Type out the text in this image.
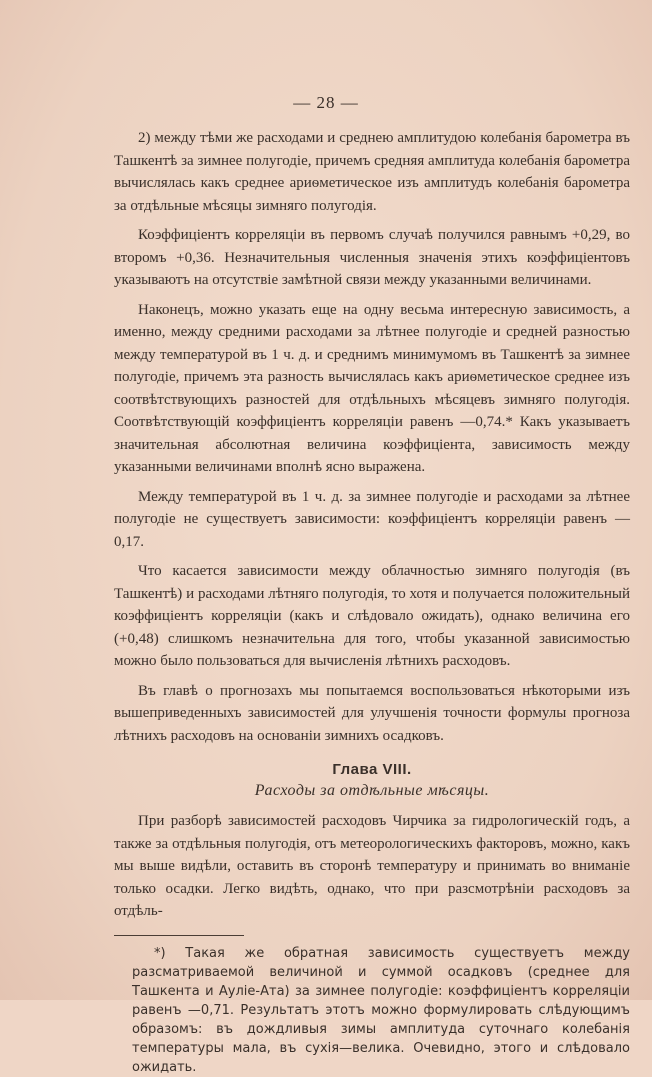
— 28 —

2) между тѣми же расходами и среднею амплитудою колебанія барометра въ Ташкентѣ за зимнее полугодіе, причемъ средняя амплитуда колебанія барометра вычислялась какъ среднее ариѳметическое изъ амплитудъ колебанія барометра за отдѣльные мѣсяцы зимняго полугодія.

Коэффиціентъ корреляціи въ первомъ случаѣ получился равнымъ +0,29, во второмъ +0,36. Незначительныя численныя значенія этихъ коэффиціентовъ указываютъ на отсутствіе замѣтной связи между указанными величинами.

Наконецъ, можно указать еще на одну весьма интересную зависимость, а именно, между средними расходами за лѣтнее полугодіе и средней разностью между температурой въ 1 ч. д. и среднимъ минимумомъ въ Ташкентѣ за зимнее полугодіе, причемъ эта разность вычислялась какъ ариѳметическое среднее изъ соотвѣтствующихъ разностей для отдѣльныхъ мѣсяцевъ зимняго полугодія. Соотвѣтствующій коэффиціентъ корреляціи равенъ —0,74.* Какъ указываетъ значительная абсолютная величина коэффиціента, зависимость между указанными величинами вполнѣ ясно выражена.

Между температурой въ 1 ч. д. за зимнее полугодіе и расходами за лѣтнее полугодіе не существуетъ зависимости: коэффиціентъ корреляціи равенъ —0,17.

Что касается зависимости между облачностью зимняго полугодія (въ Ташкентѣ) и расходами лѣтняго полугодія, то хотя и получается положительный коэффиціентъ корреляціи (какъ и слѣдовало ожидать), однако величина его (+0,48) слишкомъ незначительна для того, чтобы указанной зависимостью можно было пользоваться для вычисленія лѣтнихъ расходовъ.

Въ главѣ о прогнозахъ мы попытаемся воспользоваться нѣкоторыми изъ вышеприведенныхъ зависимостей для улучшенія точности формулы прогноза лѣтнихъ расходовъ на основаніи зимнихъ осадковъ.

Глава VIII.
Расходы за отдѣльные мѣсяцы.

При разборѣ зависимостей расходовъ Чирчика за гидрологическій годъ, а также за отдѣльныя полугодія, отъ метеорологическихъ факторовъ, можно, какъ мы выше видѣли, оставить въ сторонѣ температуру и принимать во вниманіе только осадки. Легко видѣть, однако, что при разсмотрѣніи расходовъ за отдѣль-

*) Такая же обратная зависимость существуетъ между разсматриваемой величиной и суммой осадковъ (среднее для Ташкента и Ауліе-Ата) за зимнее полугодіе: коэффиціентъ корреляціи равенъ —0,71. Результатъ этотъ можно формулировать слѣдующимъ образомъ: въ дождливыя зимы амплитуда суточнаго колебанія температуры мала, въ сухія—велика. Очевидно, этого и слѣдовало ожидать.
